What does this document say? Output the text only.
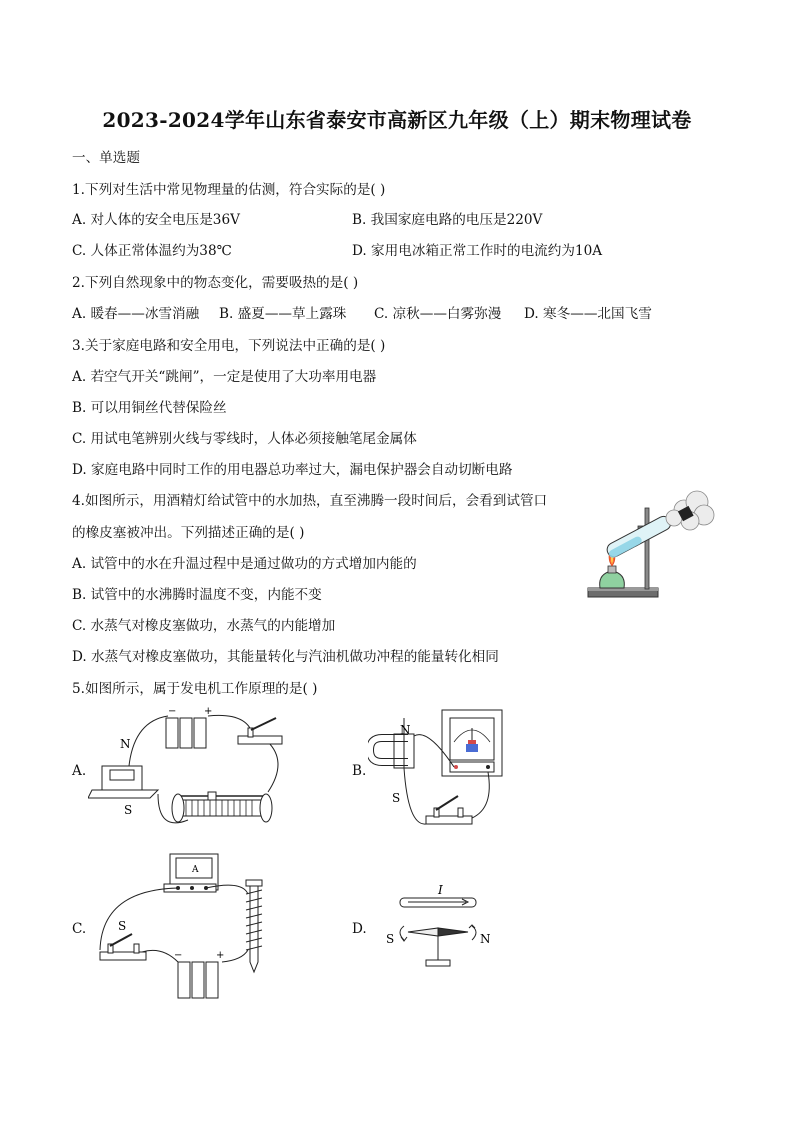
2023-2024学年山东省泰安市高新区九年级（上）期末物理试卷
一、单选题
1.下列对生活中常见物理量的估测，符合实际的是( )
A. 对人体的安全电压是36V	B. 我国家庭电路的电压是220V
C. 人体正常体温约为38℃	D. 家用电冰箱正常工作时的电流约为10A
2.下列自然现象中的物态变化，需要吸热的是( )
A. 暖春——冰雪消融 B. 盛夏——草上露珠 C. 凉秋——白雾弥漫 D. 寒冬——北国飞雪
3.关于家庭电路和安全用电，下列说法中正确的是( )
A. 若空气开关“跳闸”，一定是使用了大功率用电器
B. 可以用铜丝代替保险丝
C. 用试电笔辨别火线与零线时，人体必须接触笔尾金属体
D. 家庭电路中同时工作的用电器总功率过大，漏电保护器会自动切断电路
4.如图所示，用酒精灯给试管中的水加热，直至沸腾一段时间后，会看到试管口
的橡皮塞被冲出。下列描述正确的是( )
A. 试管中的水在升温过程中是通过做功的方式增加内能的
B. 试管中的水沸腾时温度不变，内能不变
C. 水蒸气对橡皮塞做功，水蒸气的内能增加
D. 水蒸气对橡皮塞做功，其能量转化与汽油机做功冲程的能量转化相同
5.如图所示，属于发电机工作原理的是( )
A.
−	+
N
S
B.
N
S
C.
A
S
−	+
D.
I
S	N
